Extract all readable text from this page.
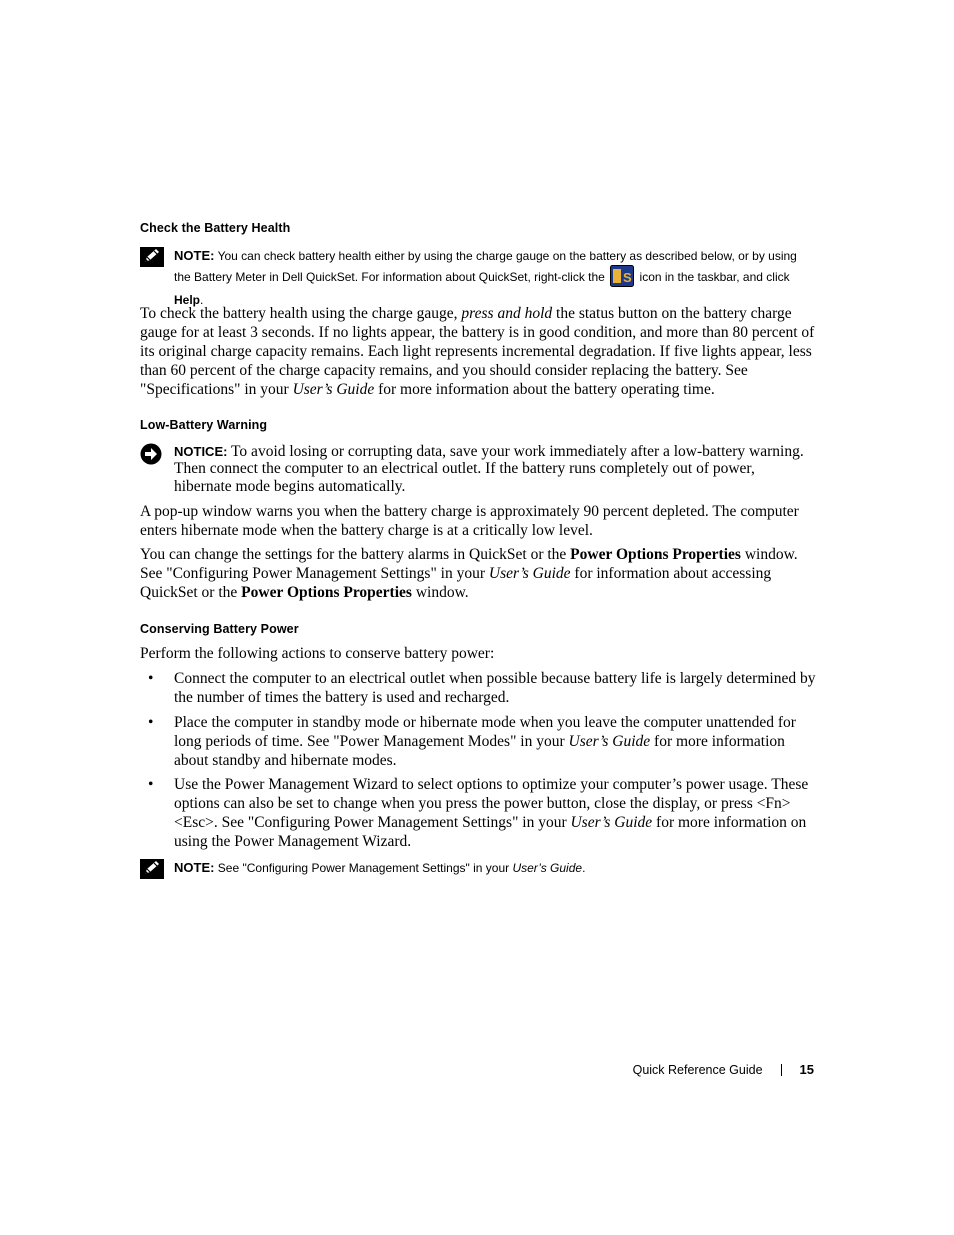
Check the Battery Health
NOTE: You can check battery health either by using the charge gauge on the battery as described below, or by using the Battery Meter in Dell QuickSet. For information about QuickSet, right-click the S icon in the taskbar, and click Help.

To check the battery health using the charge gauge, press and hold the status button on the battery charge gauge for at least 3 seconds. If no lights appear, the battery is in good condition, and more than 80 percent of its original charge capacity remains. Each light represents incremental degradation. If five lights appear, less than 60 percent of the charge capacity remains, and you should consider replacing the battery. See "Specifications" in your User’s Guide for more information about the battery operating time.

Low-Battery Warning
NOTICE: To avoid losing or corrupting data, save your work immediately after a low-battery warning. Then connect the computer to an electrical outlet. If the battery runs completely out of power, hibernate mode begins automatically.

A pop-up window warns you when the battery charge is approximately 90 percent depleted. The computer enters hibernate mode when the battery charge is at a critically low level.

You can change the settings for the battery alarms in QuickSet or the Power Options Properties window. See "Configuring Power Management Settings" in your User’s Guide for information about accessing QuickSet or the Power Options Properties window.

Conserving Battery Power

Perform the following actions to conserve battery power:

• Connect the computer to an electrical outlet when possible because battery life is largely determined by the number of times the battery is used and recharged.
• Place the computer in standby mode or hibernate mode when you leave the computer unattended for long periods of time. See "Power Management Modes" in your User’s Guide for more information about standby and hibernate modes.
• Use the Power Management Wizard to select options to optimize your computer’s power usage. These options can also be set to change when you press the power button, close the display, or press <Fn><Esc>. See "Configuring Power Management Settings" in your User’s Guide for more information on using the Power Management Wizard.
NOTE: See "Configuring Power Management Settings" in your User’s Guide.
Quick Reference Guide	15
